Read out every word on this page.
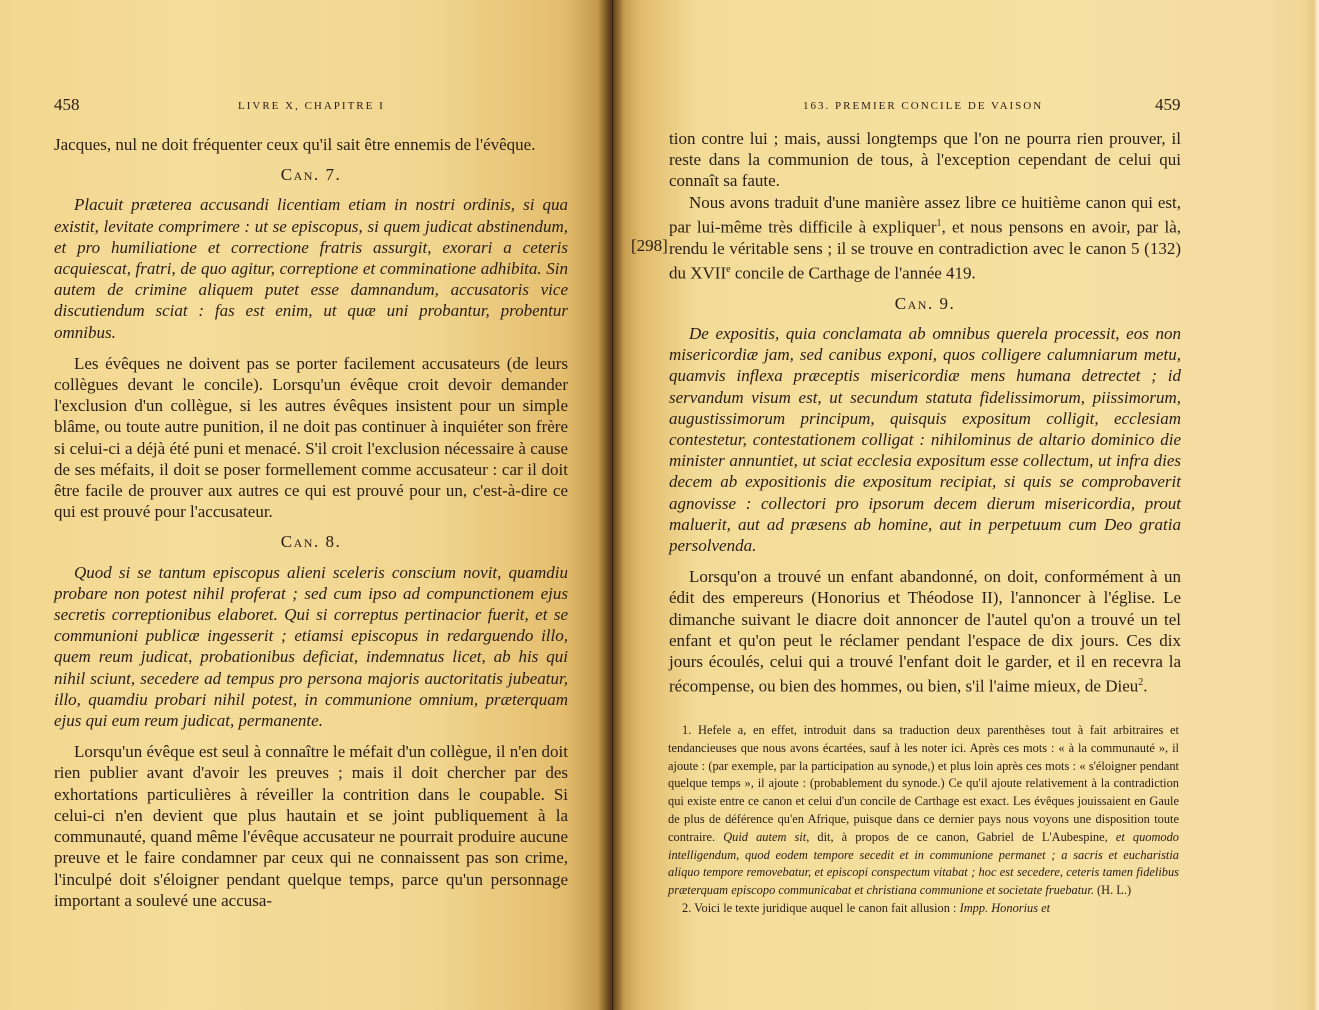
458	LIVRE X, CHAPITRE I

Jacques, nul ne doit fréquenter ceux qu'il sait être ennemis de l'évêque.

Can. 7.

Placuit præterea accusandi licentiam etiam in nostri ordinis, si qua existit, levitate comprimere : ut se episcopus, si quem judicat abstinendum, et pro humiliatione et correctione fratris assurgit, exorari a ceteris acquiescat, fratri, de quo agitur, correptione et comminatione adhibita. Sin autem de crimine aliquem putet esse damnandum, accusatoris vice discutiendum sciat : fas est enim, ut quæ uni probantur, probentur omnibus.

Les évêques ne doivent pas se porter facilement accusateurs (de leurs collègues devant le concile). Lorsqu'un évêque croit devoir demander l'exclusion d'un collègue, si les autres évêques insistent pour un simple blâme, ou toute autre punition, il ne doit pas continuer à inquiéter son frère si celui-ci a déjà été puni et menacé. S'il croit l'exclusion nécessaire à cause de ses méfaits, il doit se poser formellement comme accusateur : car il doit être facile de prouver aux autres ce qui est prouvé pour un, c'est-à-dire ce qui est prouvé pour l'accusateur.

Can. 8.

Quod si se tantum episcopus alieni sceleris conscium novit, quamdiu probare non potest nihil proferat ; sed cum ipso ad compunctionem ejus secretis correptionibus elaboret. Qui si correptus pertinacior fuerit, et se communioni publicæ ingesserit ; etiamsi episcopus in redarguendo illo, quem reum judicat, probationibus deficiat, indemnatus licet, ab his qui nihil sciunt, secedere ad tempus pro persona majoris auctoritatis jubeatur, illo, quamdiu probari nihil potest, in communione omnium, præterquam ejus qui eum reum judicat, permanente.

Lorsqu'un évêque est seul à connaître le méfait d'un collègue, il n'en doit rien publier avant d'avoir les preuves ; mais il doit chercher par des exhortations particulières à réveiller la contrition dans le coupable. Si celui-ci n'en devient que plus hautain et se joint publiquement à la communauté, quand même l'évêque accusateur ne pourrait produire aucune preuve et le faire condamner par ceux qui ne connaissent pas son crime, l'inculpé doit s'éloigner pendant quelque temps, parce qu'un personnage important a soulevé une accusa-

163. PREMIER CONCILE DE VAISON	459
[298]

tion contre lui ; mais, aussi longtemps que l'on ne pourra rien prouver, il reste dans la communion de tous, à l'exception cependant de celui qui connaît sa faute.

Nous avons traduit d'une manière assez libre ce huitième canon qui est, par lui-même très difficile à expliquer$^1$, et nous pensons en avoir, par là, rendu le véritable sens ; il se trouve en contradiction avec le canon 5 (132) du XVIIe concile de Carthage de l'année 419.

Can. 9.

De expositis, quia conclamata ab omnibus querela processit, eos non misericordiæ jam, sed canibus exponi, quos colligere calumniarum metu, quamvis inflexa præceptis misericordiæ mens humana detrectet ; id servandum visum est, ut secundum statuta fidelissimorum, piissimorum, augustissimorum principum, quisquis expositum colligit, ecclesiam contestetur, contestationem colligat : nihilominus de altario dominico die minister annuntiet, ut sciat ecclesia expositum esse collectum, ut infra dies decem ab expositionis die expositum recipiat, si quis se comprobaverit agnovisse : collectori pro ipsorum decem dierum misericordia, prout maluerit, aut ad præsens ab homine, aut in perpetuum cum Deo gratia persolvenda.

Lorsqu'on a trouvé un enfant abandonné, on doit, conformément à un édit des empereurs (Honorius et Théodose II), l'annoncer à l'église. Le dimanche suivant le diacre doit annoncer de l'autel qu'on a trouvé un tel enfant et qu'on peut le réclamer pendant l'espace de dix jours. Ces dix jours écoulés, celui qui a trouvé l'enfant doit le garder, et il en recevra la récompense, ou bien des hommes, ou bien, s'il l'aime mieux, de Dieu$^2$.

1. Hefele a, en effet, introduit dans sa traduction deux parenthèses tout à fait arbitraires et tendancieuses que nous avons écartées, sauf à les noter ici. Après ces mots : « à la communauté », il ajoute : (par exemple, par la participation au synode,) et plus loin après ces mots : « s'éloigner pendant quelque temps », il ajoute : (probablement du synode.) Ce qu'il ajoute relativement à la contradiction qui existe entre ce canon et celui d'un concile de Carthage est exact. Les évêques jouissaient en Gaule de plus de déférence qu'en Afrique, puisque dans ce dernier pays nous voyons une disposition toute contraire. Quid autem sit, dit, à propos de ce canon, Gabriel de L'Aubespine, et quomodo intelligendum, quod eodem tempore secedit et in communione permanet ; a sacris et eucharistia aliquo tempore removebatur, et episcopi conspectum vitabat ; hoc est secedere, ceteris tamen fidelibus præterquam episcopo communicabat et christiana communione et societate fruebatur. (H. L.)

2. Voici le texte juridique auquel le canon fait allusion : Impp. Honorius et
